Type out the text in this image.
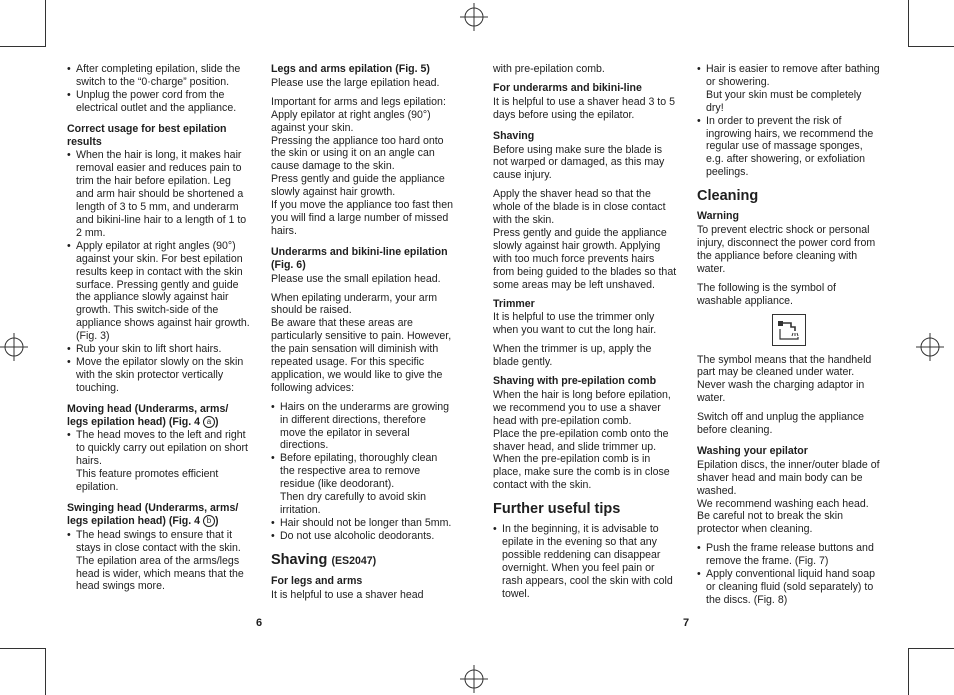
• After completing epilation, slide the switch to the “0·charge” position.
• Unplug the power cord from the electrical outlet and the appliance.

Correct usage for best epilation results

• When the hair is long, it makes hair removal easier and reduces pain to trim the hair before epilation. Leg and arm hair should be shortened a length of 3 to 5 mm, and underarm and bikini-line hair to a length of 1 to 2 mm.
• Apply epilator at right angles (90°) against your skin. For best epilation results keep in contact with the skin surface. Pressing gently and guide the appliance slowly against hair growth. This switch-side of the appliance shows against hair growth. (Fig. 3)
• Rub your skin to lift short hairs.
• Move the epilator slowly on the skin with the skin protector vertically touching.

Moving head (Underarms, arms/ legs epilation head) (Fig. 4 a )

• The head moves to the left and right to quickly carry out epilation on short hairs.
This feature promotes efficient epilation.

Swinging head (Underarms, arms/ legs epilation head) (Fig. 4 b )

• The head swings to ensure that it stays in close contact with the skin. The epilation area of the arms/legs head is wider, which means that the head swings more.

Legs and arms epilation (Fig. 5)

Please use the large epilation head.

Important for arms and legs epilation:
Apply epilator at right angles (90°) against your skin.
Pressing the appliance too hard onto the skin or using it on an angle can cause damage to the skin.
Press gently and guide the appliance slowly against hair growth.
If you move the appliance too fast then you will find a large number of missed hairs.

Underarms and bikini-line epilation (Fig. 6)

Please use the small epilation head.

When epilating underarm, your arm should be raised.
Be aware that these areas are particularly sensitive to pain. However, the pain sensation will diminish with repeated usage. For this specific application, we would like to give the following advices:

• Hairs on the underarms are growing in different directions, therefore move the epilator in several directions.
• Before epilating, thoroughly clean the respective area to remove residue (like deodorant).
Then dry carefully to avoid skin irritation.
• Hair should not be longer than 5mm.
• Do not use alcoholic deodorants.

Shaving (ES2047)

For legs and arms

It is helpful to use a shaver head

with pre-epilation comb.

For underarms and bikini-line

It is helpful to use a shaver head 3 to 5 days before using the epilator.

Shaving

Before using make sure the blade is not warped or damaged, as this may cause injury.

Apply the shaver head so that the whole of the blade is in close contact with the skin.
Press gently and guide the appliance slowly against hair growth. Applying with too much force prevents hairs from being guided to the blades so that some areas may be left unshaved.

Trimmer

It is helpful to use the trimmer only when you want to cut the long hair.

When the trimmer is up, apply the blade gently.

Shaving with pre-epilation comb

When the hair is long before epilation, we recommend you to use a shaver head with pre-epilation comb.
Place the pre-epilation comb onto the shaver head, and slide trimmer up. When the pre-epilation comb is in place, make sure the comb is in close contact with the skin.

Further useful tips

• In the beginning, it is advisable to epilate in the evening so that any possible reddening can disappear overnight. When you feel pain or rash appears, cool the skin with cold towel.
• Hair is easier to remove after bathing or showering.
But your skin must be completely dry!
• In order to prevent the risk of ingrowing hairs, we recommend the regular use of massage sponges, e.g. after showering, or exfoliation peelings.

Cleaning

Warning

To prevent electric shock or personal injury, disconnect the power cord from the appliance before cleaning with water.

The following is the symbol of washable appliance.

The symbol means that the handheld part may be cleaned under water.
Never wash the charging adaptor in water.

Switch off and unplug the appliance before cleaning.

Washing your epilator

Epilation discs, the inner/outer blade of shaver head and main body can be washed.
We recommend washing each head. Be careful not to break the skin protector when cleaning.

• Push the frame release buttons and remove the frame. (Fig. 7)
• Apply conventional liquid hand soap or cleaning fluid (sold separately) to the discs. (Fig. 8)
6	7
